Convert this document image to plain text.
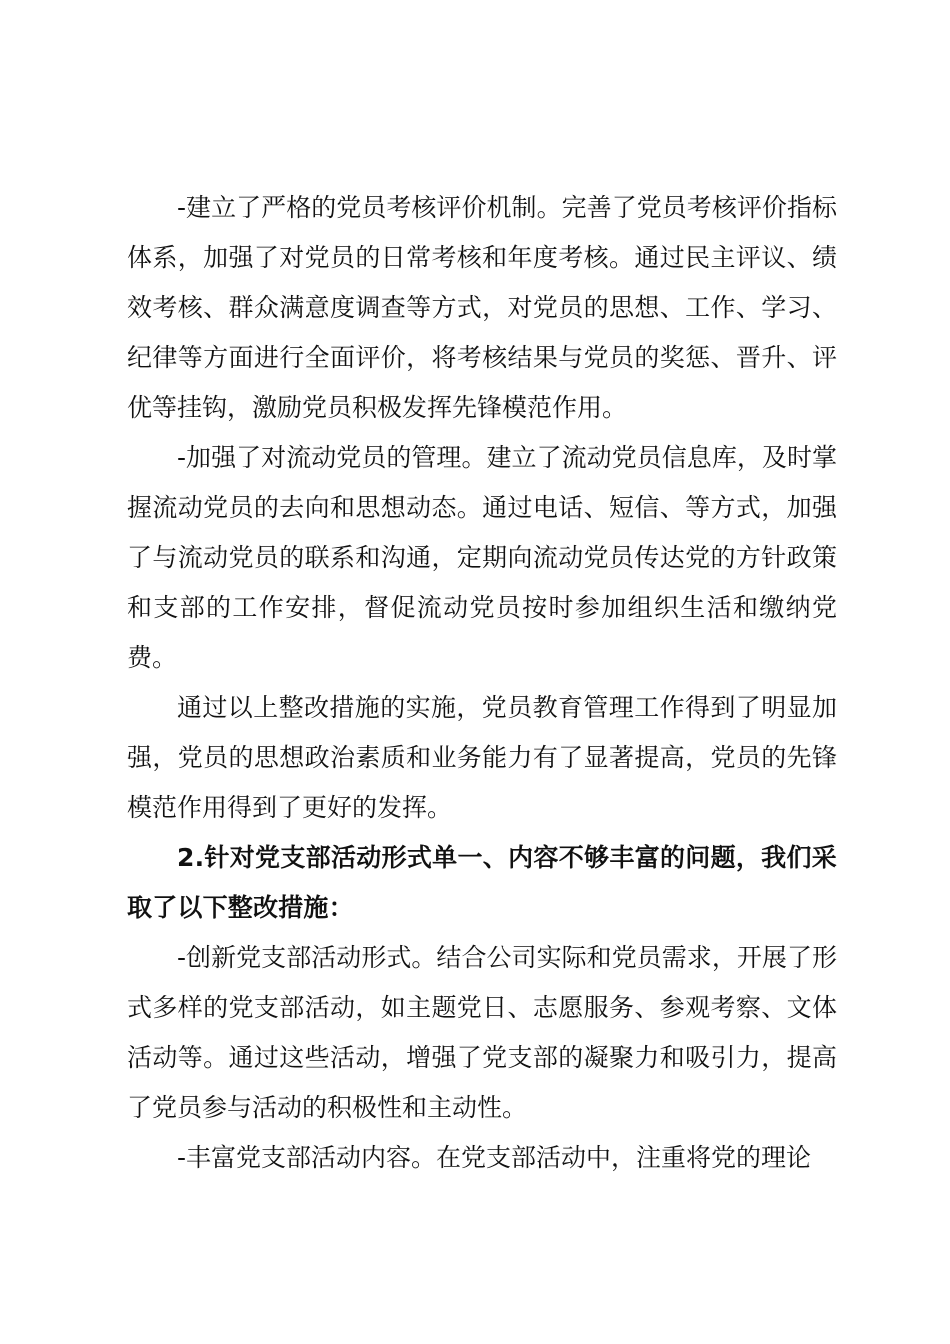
-建立了严格的党员考核评价机制。完善了党员考核评价指标体系，加强了对党员的日常考核和年度考核。通过民主评议、绩效考核、群众满意度调查等方式，对党员的思想、工作、学习、纪律等方面进行全面评价，将考核结果与党员的奖惩、晋升、评优等挂钩，激励党员积极发挥先锋模范作用。

-加强了对流动党员的管理。建立了流动党员信息库，及时掌握流动党员的去向和思想动态。通过电话、短信、等方式，加强了与流动党员的联系和沟通，定期向流动党员传达党的方针政策和支部的工作安排，督促流动党员按时参加组织生活和缴纳党费。

通过以上整改措施的实施，党员教育管理工作得到了明显加强，党员的思想政治素质和业务能力有了显著提高，党员的先锋模范作用得到了更好的发挥。

2.针对党支部活动形式单一、内容不够丰富的问题，我们采取了以下整改措施：

-创新党支部活动形式。结合公司实际和党员需求，开展了形式多样的党支部活动，如主题党日、志愿服务、参观考察、文体活动等。通过这些活动，增强了党支部的凝聚力和吸引力，提高了党员参与活动的积极性和主动性。

-丰富党支部活动内容。在党支部活动中，注重将党的理论
